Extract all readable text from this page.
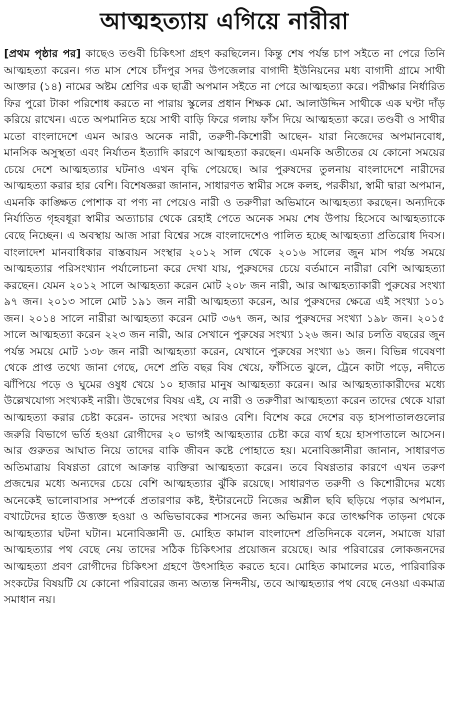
আত্মহত্যায় এগিয়ে নারীরা
[প্রথম পৃষ্ঠার পর] কাছেও তণ্ডবী চিকিৎসা গ্রহণ করছিলেন। কিন্তু শেষ পর্যন্ত চাপ সইতে না পেরে তিনি আত্মহত্যা করেন। গত মাস শেষে চাঁদপুর সদর উপজেলার বাগাদী ইউনিয়নের মধ্য বাগাদী গ্রামে সাথী আক্তার (১৪) নামের অষ্টম শ্রেণির এক ছাত্রী অপমান সইতে না পেরে আত্মহত্যা করে। পরীক্ষার নির্ধারিত ফির পুরো টাকা পরিশোধ করতে না পারায় স্কুলের প্রধান শিক্ষক মো. আলাউদ্দিন সাথীকে এক ঘণ্টা দাঁড় করিয়ে রাখেন। এতে অপমানিত হয়ে সাথী বাড়ি ফিরে গলায় ফাঁস দিয়ে আত্মহত্যা করে। তণ্ডবী ও সাথীর মতো বাংলাদেশে এমন আরও অনেক নারী, তরুণী-কিশোরী আছেন- যারা নিজেদের অপমানবোধ, মানসিক অসুস্থতা এবং নির্যাতন ইত্যাদি কারণে আত্মহত্যা করছেন। এমনকি অতীতের যে কোনো সময়ের চেয়ে দেশে আত্মহত্যার ঘটনাও এখন বৃদ্ধি পেয়েছে। আর পুরুষদের তুলনায় বাংলাদেশে নারীদের আত্মহত্যা করার হার বেশি। বিশেষজ্ঞরা জানান, সাধারণত স্বামীর সঙ্গে কলহ, পরকীয়া, স্বামী দ্বারা অপমান, এমনকি কাঙ্ক্ষিত পোশাক বা পণ্য না পেয়েও নারী ও তরুণীরা অভিমানে আত্মহত্যা করছেন। অন্যদিকে নির্যাতিত গৃহবধূরা স্বামীর অত্যাচার থেকে রেহাই পেতে অনেক সময় শেষ উপায় হিসেবে আত্মহত্যাকে বেছে নিচ্ছেন। এ অবস্থায় আজ সারা বিশ্বের সঙ্গে বাংলাদেশেও পালিত হচ্ছে আত্মহত্যা প্রতিরোধ দিবস। বাংলাদেশ মানবাধিকার বাস্তবায়ন সংস্থার ২০১২ সাল থেকে ২০১৬ সালের জুন মাস পর্যন্ত সময়ে আত্মহত্যার পরিসংখ্যান পর্যালোচনা করে দেখা যায়, পুরুষদের চেয়ে বর্তমানে নারীরা বেশি আত্মহত্যা করছেন। যেমন ২০১২ সালে আত্মহত্যা করেন মোট ২০৮ জন নারী, আর আত্মহত্যাকারী পুরুষের সংখ্যা ৯৭ জন। ২০১৩ সালে মোট ১৯১ জন নারী আত্মহত্যা করেন, আর পুরুষদের ক্ষেত্রে এই সংখ্যা ১০১ জন। ২০১৪ সালে নারীরা আত্মহত্যা করেন মোট ৩৬৭ জন, আর পুরুষদের সংখ্যা ১৯৮ জন। ২০১৫ সালে আত্মহত্যা করেন ২২৩ জন নারী, আর সেখানে পুরুষের সংখ্যা ১২৬ জন। আর চলতি বছরের জুন পর্যন্ত সময়ে মোট ১৩৮ জন নারী আত্মহত্যা করেন, যেখানে পুরুষের সংখ্যা ৬১ জন। বিভিন্ন গবেষণা থেকে প্রাপ্ত তথ্যে জানা গেছে, দেশে প্রতি বছর বিষ খেয়ে, ফাঁসিতে ঝুলে, ট্রেনে কাটা পড়ে, নদীতে ঝাঁপিয়ে পড়ে ও ঘুমের ওষুধ খেয়ে ১০ হাজার মানুষ আত্মহত্যা করেন। আর আত্মহত্যাকারীদের মধ্যে উল্লেখযোগ্য সংখ্যকই নারী। উদ্বেগের বিষয় এই, যে নারী ও তরুণীরা আত্মহত্যা করেন তাদের থেকে যারা আত্মহত্যা করার চেষ্টা করেন- তাদের সংখ্যা আরও বেশি। বিশেষ করে দেশের বড় হাসপাতালগুলোর জরুরি বিভাগে ভর্তি হওয়া রোগীদের ২০ ভাগই আত্মহত্যার চেষ্টা করে ব্যর্থ হয়ে হাসপাতালে আসেন। আর গুরুতর আঘাত নিয়ে তাদের বাকি জীবন কষ্টে পোহাতে হয়। মনোবিজ্ঞানীরা জানান, সাধারণত অতিমাত্রায় বিষণ্ণতা রোগে আক্রান্ত ব্যক্তিরা আত্মহত্যা করেন। তবে বিষণ্ণতার কারণে এখন তরুণ প্রজন্মের মধ্যে অন্যদের চেয়ে বেশি আত্মহত্যার ঝুঁকি রয়েছে। সাধারণত তরুণী ও কিশোরীদের মধ্যে অনেকেই ভালোবাসার সম্পর্কে প্রতারণার কষ্ট, ইন্টারনেটে নিজের অশ্লীল ছবি ছড়িয়ে পড়ার অপমান, বখাটেদের হাতে উত্ত্যক্ত হওয়া ও অভিভাবকের শাসনের জন্য অভিমান করে তাৎক্ষণিক তাড়না থেকে আত্মহত্যার ঘটনা ঘটান। মনোবিজ্ঞানী ড. মোহিত কামাল বাংলাদেশ প্রতিদিনকে বলেন, সমাজে যারা আত্মহত্যার পথ বেছে নেয় তাদের সঠিক চিকিৎসার প্রয়োজন রয়েছে। আর পরিবারের লোকজনদের আত্মহত্যা প্রবণ রোগীদের চিকিৎসা গ্রহণে উৎসাহিত করতে হবে। মোহিত কামালের মতে, পারিবারিক সংকটের বিষয়টি যে কোনো পরিবারের জন্য অত্যন্ত নিন্দনীয়, তবে আত্মহত্যার পথ বেছে নেওয়া একমাত্র সমাধান নয়।
